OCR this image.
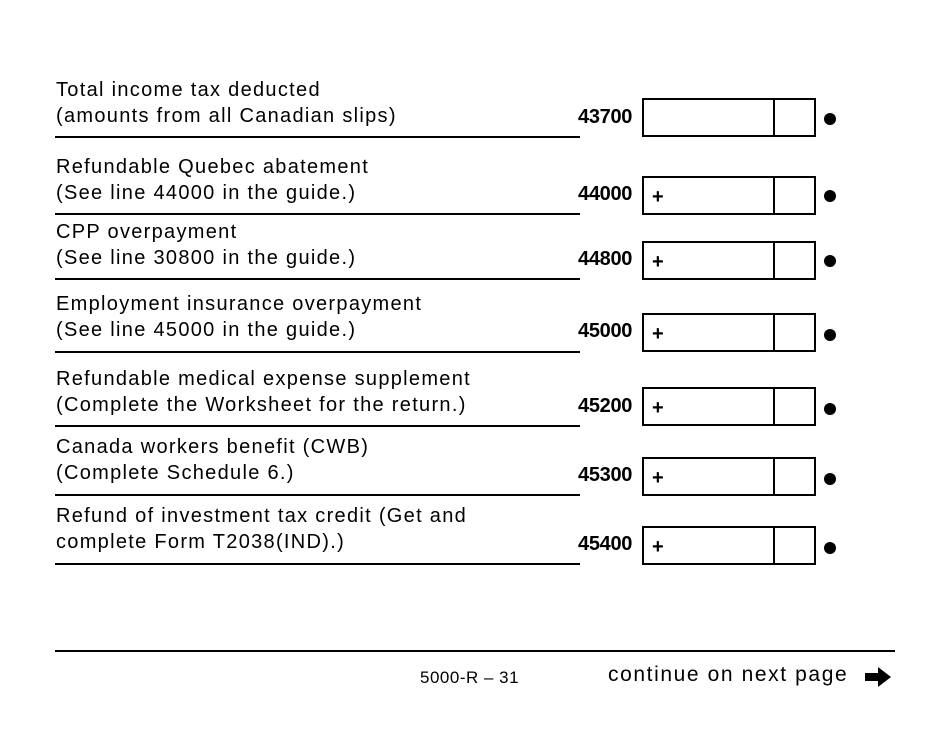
Total income tax deducted
(amounts from all Canadian slips)	43700
Refundable Quebec abatement
(See line 44000 in the guide.)	44000 +
CPP overpayment
(See line 30800 in the guide.)	44800 +
Employment insurance overpayment
(See line 45000 in the guide.)	45000 +
Refundable medical expense supplement
(Complete the Worksheet for the return.)	45200 +
Canada workers benefit (CWB)
(Complete Schedule 6.)	45300 +
Refund of investment tax credit (Get and
complete Form T2038(IND).)	45400 +
5000-R – 31	continue on next page
